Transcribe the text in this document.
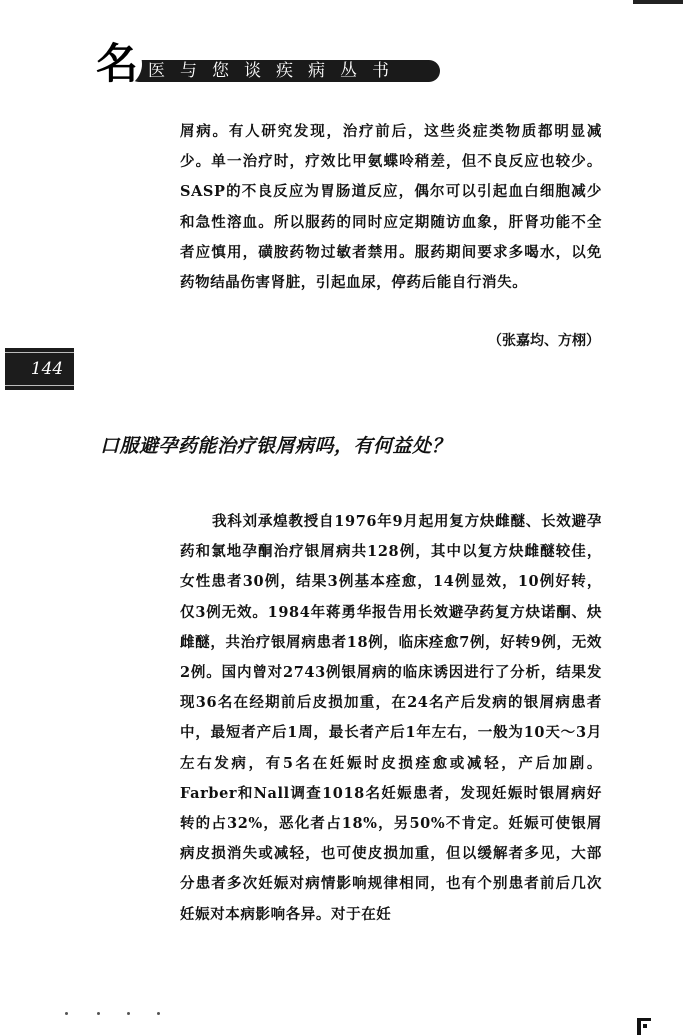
名 医与您谈疾病丛书
144

屑病。有人研究发现，治疗前后，这些炎症类物质都明显减少。单一治疗时，疗效比甲氨蝶呤稍差，但不良反应也较少。SASP的不良反应为胃肠道反应，偶尔可以引起血白细胞减少和急性溶血。所以服药的同时应定期随访血象，肝肾功能不全者应慎用，磺胺药物过敏者禁用。服药期间要求多喝水，以免药物结晶伤害肾脏，引起血尿，停药后能自行消失。

（张嘉均、方栩）
口服避孕药能治疗银屑病吗，有何益处？

我科刘承煌教授自1976年9月起用复方炔雌醚、长效避孕药和氯地孕酮治疗银屑病共128例，其中以复方炔雌醚较佳，女性患者30例，结果3例基本痊愈，14例显效，10例好转，仅3例无效。1984年蒋勇华报告用长效避孕药复方炔诺酮、炔雌醚，共治疗银屑病患者18例，临床痊愈7例，好转9例，无效2例。国内曾对2743例银屑病的临床诱因进行了分析，结果发现36名在经期前后皮损加重，在24名产后发病的银屑病患者中，最短者产后1周，最长者产后1年左右，一般为10天～3月左右发病，有5名在妊娠时皮损痊愈或减轻，产后加剧。Farber和Nall调查1018名妊娠患者，发现妊娠时银屑病好转的占32%，恶化者占18%，另50%不肯定。妊娠可使银屑病皮损消失或减轻，也可使皮损加重，但以缓解者多见，大部分患者多次妊娠对病情影响规律相同，也有个别患者前后几次妊娠对本病影响各异。对于在妊
